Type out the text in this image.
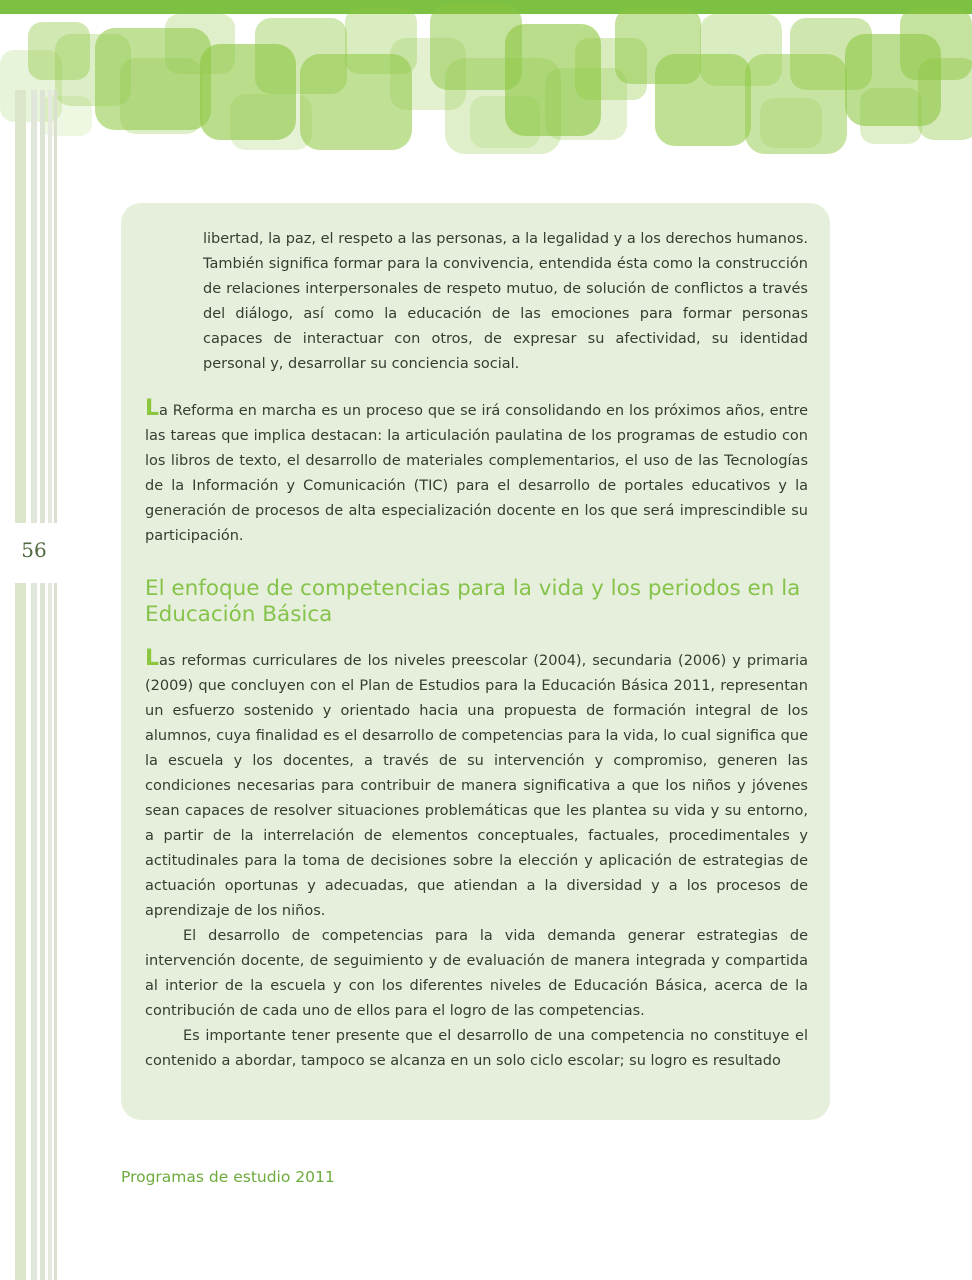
56

libertad, la paz, el respeto a las personas, a la legalidad y a los derechos humanos. También significa formar para la convivencia, entendida ésta como la construcción de relaciones interpersonales de respeto mutuo, de solución de conflictos a través del diálogo, así como la educación de las emociones para formar personas capaces de interactuar con otros, de expresar su afectividad, su identidad personal y, desarrollar su conciencia social.

La Reforma en marcha es un proceso que se irá consolidando en los próximos años, entre las tareas que implica destacan: la articulación paulatina de los programas de estudio con los libros de texto, el desarrollo de materiales complementarios, el uso de las Tecnologías de la Información y Comunicación (TIC) para el desarrollo de portales educativos y la generación de procesos de alta especialización docente en los que será imprescindible su participación.

El enfoque de competencias para la vida y los periodos en la Educación Básica

Las reformas curriculares de los niveles preescolar (2004), secundaria (2006) y primaria (2009) que concluyen con el Plan de Estudios para la Educación Básica 2011, representan un esfuerzo sostenido y orientado hacia una propuesta de formación integral de los alumnos, cuya finalidad es el desarrollo de competencias para la vida, lo cual significa que la escuela y los docentes, a través de su intervención y compromiso, generen las condiciones necesarias para contribuir de manera significativa a que los niños y jóvenes sean capaces de resolver situaciones problemáticas que les plantea su vida y su entorno, a partir de la interrelación de elementos conceptuales, factuales, procedimentales y actitudinales para la toma de decisiones sobre la elección y aplicación de estrategias de actuación oportunas y adecuadas, que atiendan a la diversidad y a los procesos de aprendizaje de los niños.

El desarrollo de competencias para la vida demanda generar estrategias de intervención docente, de seguimiento y de evaluación de manera integrada y compartida al interior de la escuela y con los diferentes niveles de Educación Básica, acerca de la contribución de cada uno de ellos para el logro de las competencias.

Es importante tener presente que el desarrollo de una competencia no constituye el contenido a abordar, tampoco se alcanza en un solo ciclo escolar; su logro es resultado

Programas de estudio 2011
